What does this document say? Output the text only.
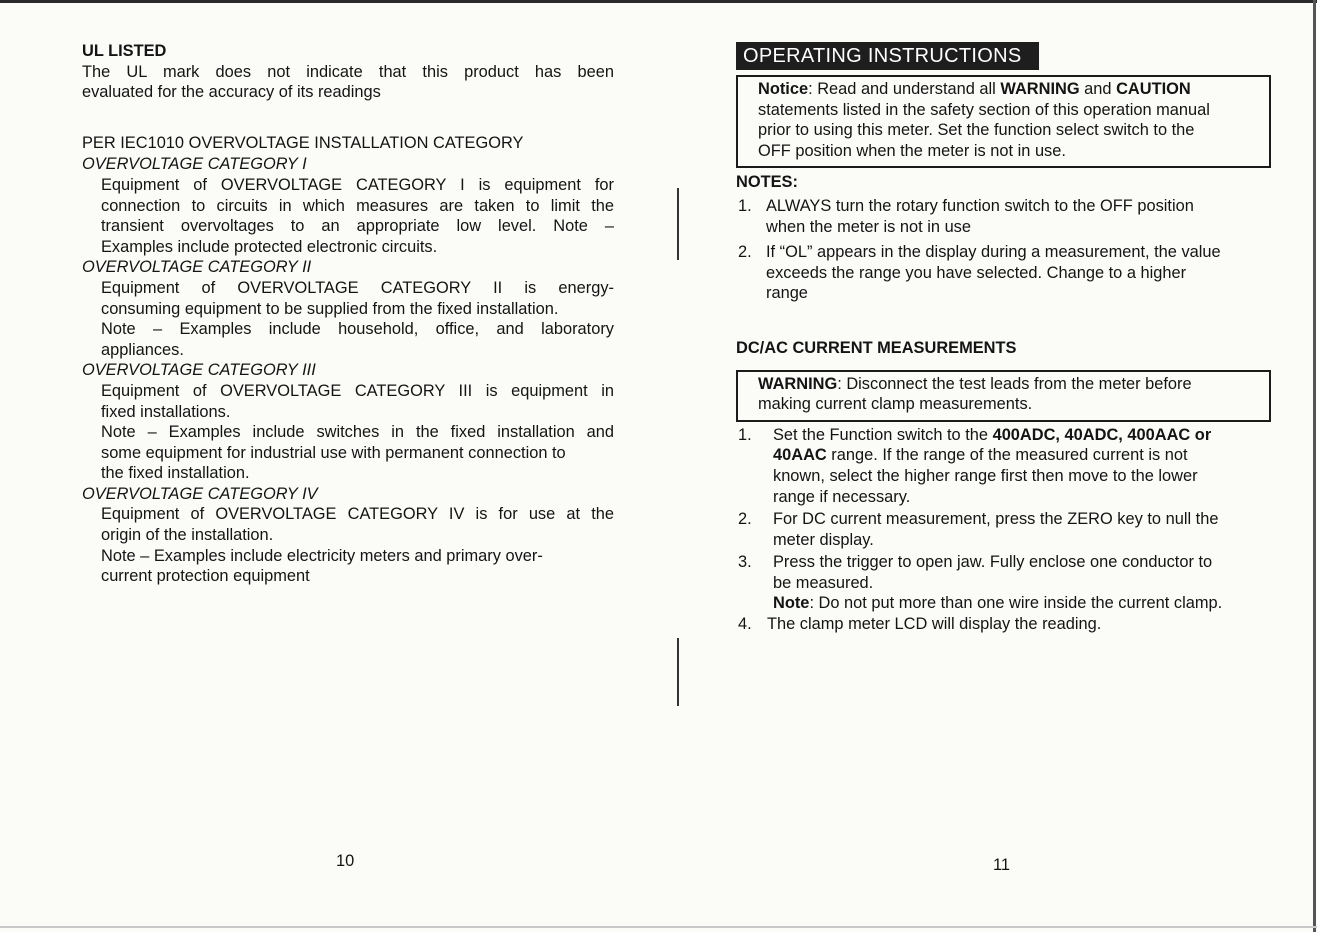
UL LISTED
The UL mark does not indicate that this product has been
evaluated for the accuracy of its readings
PER IEC1010 OVERVOLTAGE INSTALLATION CATEGORY
OVERVOLTAGE CATEGORY I
Equipment of OVERVOLTAGE CATEGORY I is equipment for
connection to circuits in which measures are taken to limit the
transient overvoltages to an appropriate low level. Note –
Examples include protected electronic circuits.
OVERVOLTAGE CATEGORY II
Equipment of OVERVOLTAGE CATEGORY II is energy-
consuming equipment to be supplied from the fixed installation.
Note – Examples include household, office, and laboratory
appliances.
OVERVOLTAGE CATEGORY III
Equipment of OVERVOLTAGE CATEGORY III is equipment in
fixed installations.
Note – Examples include switches in the fixed installation and
some equipment for industrial use with permanent connection to
the fixed installation.
OVERVOLTAGE CATEGORY IV
Equipment of OVERVOLTAGE CATEGORY IV is for use at the
origin of the installation.
Note – Examples include electricity meters and primary over-
current protection equipment
10
OPERATING INSTRUCTIONS
Notice: Read and understand all WARNING and CAUTION
statements listed in the safety section of this operation manual
prior to using this meter. Set the function select switch to the
OFF position when the meter is not in use.
NOTES:
1. ALWAYS turn the rotary function switch to the OFF position
when the meter is not in use
2. If “OL” appears in the display during a measurement, the value
exceeds the range you have selected. Change to a higher
range
DC/AC CURRENT MEASUREMENTS
WARNING: Disconnect the test leads from the meter before
making current clamp measurements.
1. Set the Function switch to the 400ADC, 40ADC, 400AAC or
40AAC range. If the range of the measured current is not
known, select the higher range first then move to the lower
range if necessary.
2. For DC current measurement, press the ZERO key to null the
meter display.
3. Press the trigger to open jaw. Fully enclose one conductor to
be measured.
Note: Do not put more than one wire inside the current clamp.
4. The clamp meter LCD will display the reading.
11
